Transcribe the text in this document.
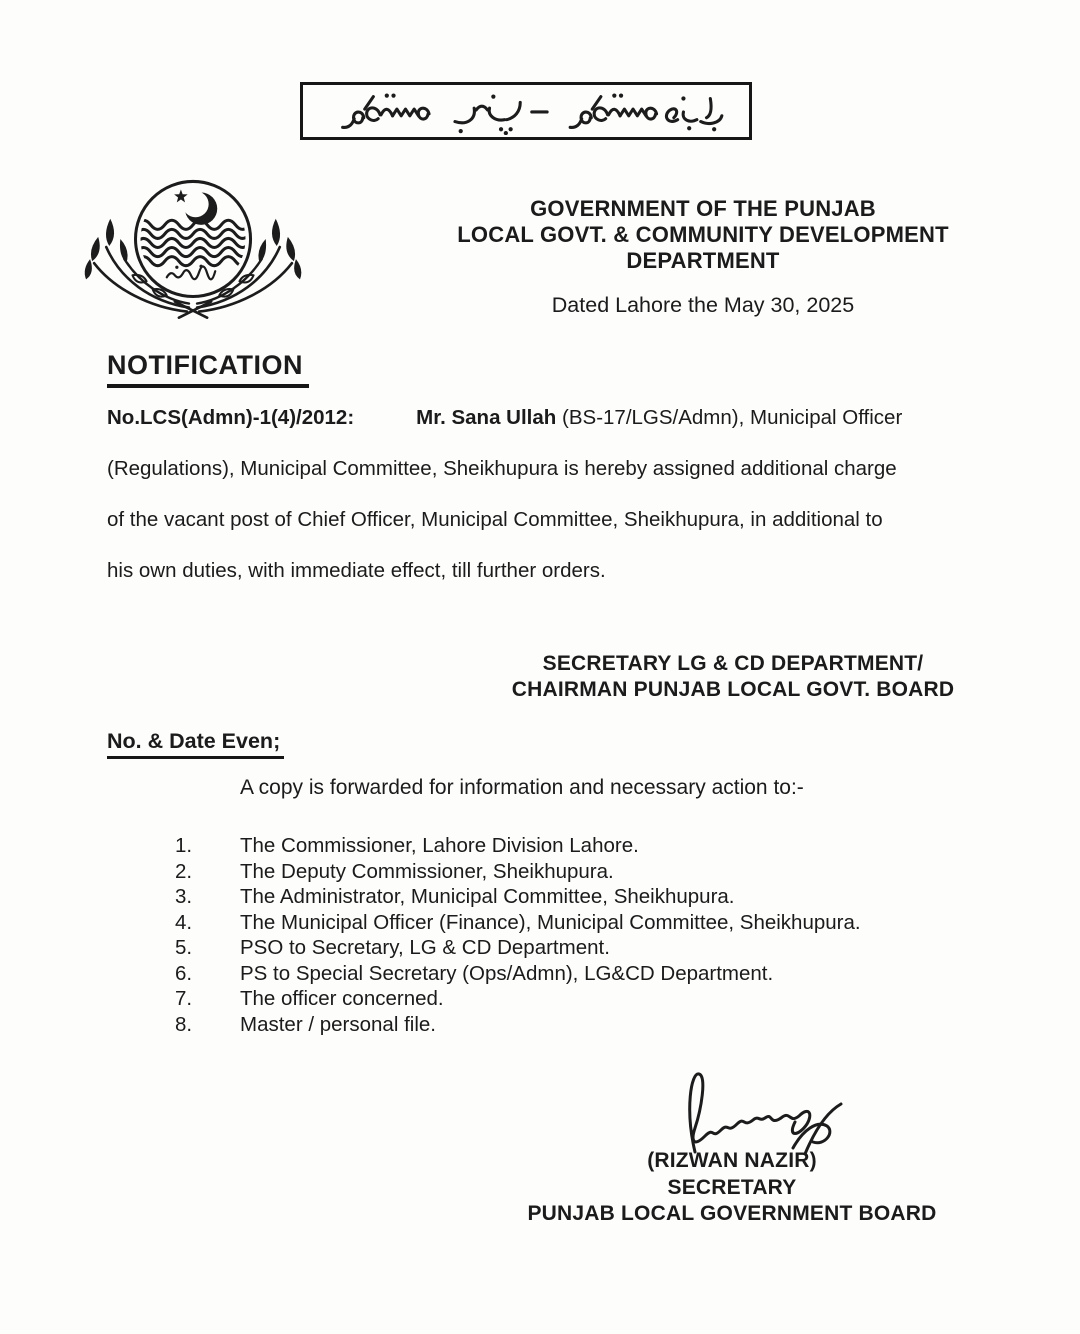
GOVERNMENT OF THE PUNJAB
LOCAL GOVT. & COMMUNITY DEVELOPMENT
DEPARTMENT
Dated Lahore the May 30, 2025
NOTIFICATION
No.LCS(Admn)-1(4)/2012:	Mr. Sana Ullah (BS-17/LGS/Admn), Municipal Officer
(Regulations), Municipal Committee, Sheikhupura is hereby assigned additional charge
of the vacant post of Chief Officer, Municipal Committee, Sheikhupura, in additional to
his own duties, with immediate effect, till further orders.
SECRETARY LG & CD DEPARTMENT/
CHAIRMAN PUNJAB LOCAL GOVT. BOARD
No. & Date Even;
A copy is forwarded for information and necessary action to:-
1.	The Commissioner, Lahore Division Lahore.
2.	The Deputy Commissioner, Sheikhupura.
3.	The Administrator, Municipal Committee, Sheikhupura.
4.	The Municipal Officer (Finance), Municipal Committee, Sheikhupura.
5.	PSO to Secretary, LG & CD Department.
6.	PS to Special Secretary (Ops/Admn), LG&CD Department.
7.	The officer concerned.
8.	Master / personal file.
(RIZWAN NAZIR)
SECRETARY
PUNJAB LOCAL GOVERNMENT BOARD
